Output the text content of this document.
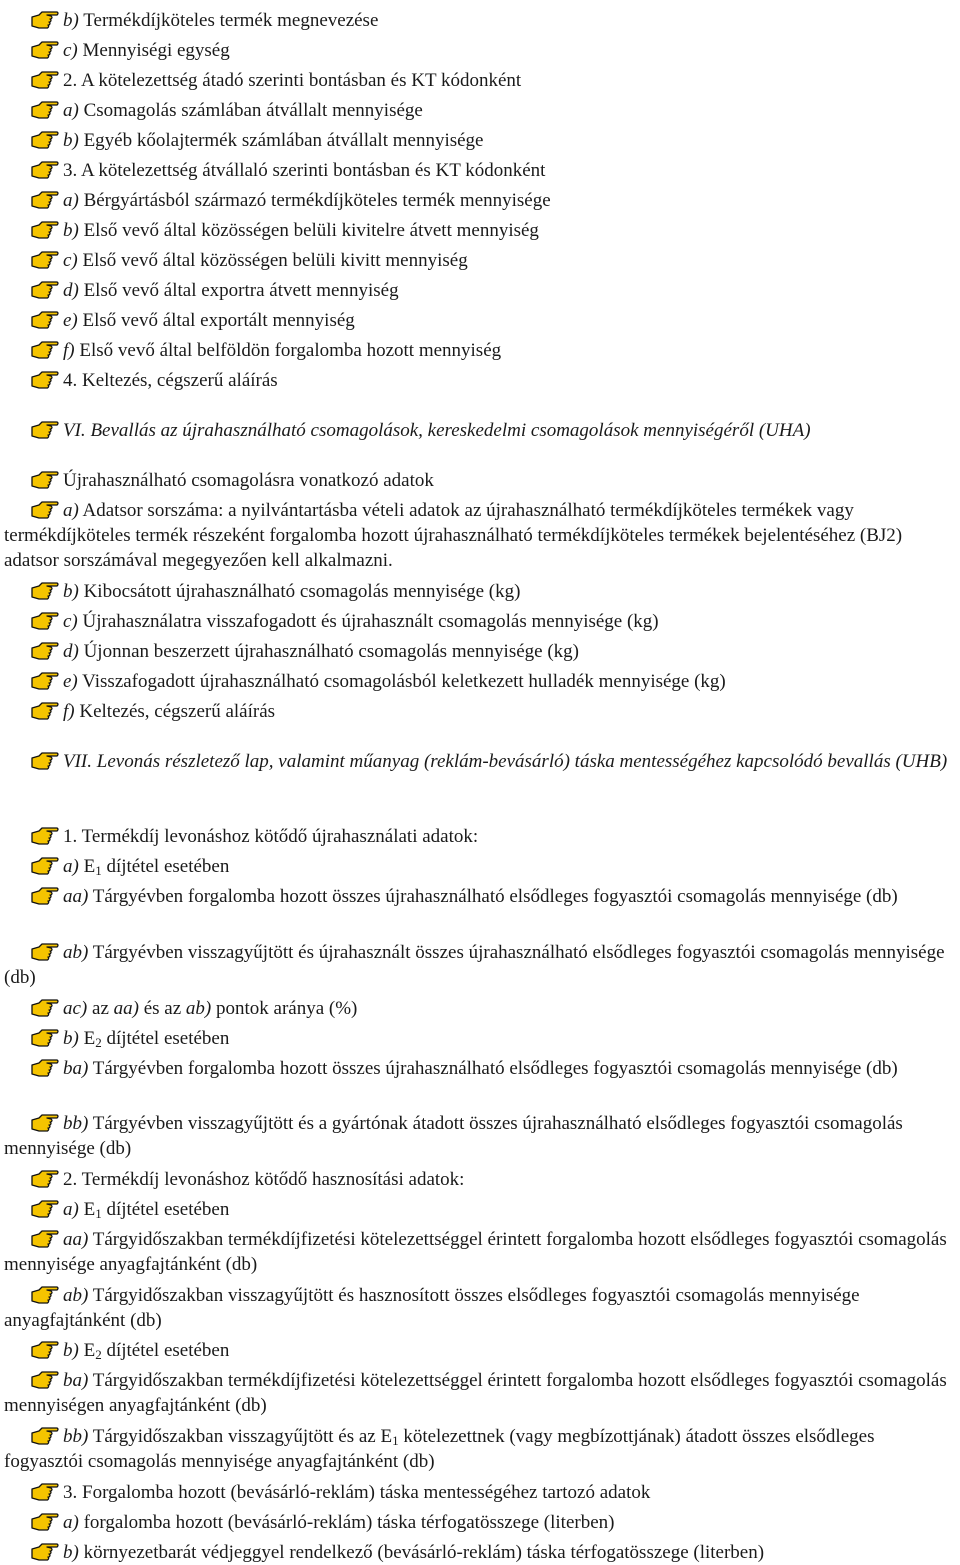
b) Termékdíjköteles termék megnevezése
c) Mennyiségi egység
2. A kötelezettség átadó szerinti bontásban és KT kódonként
a) Csomagolás számlában átvállalt mennyisége
b) Egyéb kőolajtermék számlában átvállalt mennyisége
3. A kötelezettség átvállaló szerinti bontásban és KT kódonként
a) Bérgyártásból származó termékdíjköteles termék mennyisége
b) Első vevő által közösségen belüli kivitelre átvett mennyiség
c) Első vevő által közösségen belüli kivitt mennyiség
d) Első vevő által exportra átvett mennyiség
e) Első vevő által exportált mennyiség
f) Első vevő által belföldön forgalomba hozott mennyiség
4. Keltezés, cégszerű aláírás
VI. Bevallás az újrahasználható csomagolások, kereskedelmi csomagolások mennyiségéről (UHA)
Újrahasználható csomagolásra vonatkozó adatok
a) Adatsor sorszáma: a nyilvántartásba vételi adatok az újrahasználható termékdíjköteles termékek vagy termékdíjköteles termék részeként forgalomba hozott újrahasználható termékdíjköteles termékek bejelentéséhez (BJ2) adatsor sorszámával megegyezően kell alkalmazni.
b) Kibocsátott újrahasználható csomagolás mennyisége (kg)
c) Újrahasználatra visszafogadott és újrahasznált csomagolás mennyisége (kg)
d) Újonnan beszerzett újrahasználható csomagolás mennyisége (kg)
e) Visszafogadott újrahasználható csomagolásból keletkezett hulladék mennyisége (kg)
f) Keltezés, cégszerű aláírás
VII. Levonás részletező lap, valamint műanyag (reklám-bevásárló) táska mentességéhez kapcsolódó bevallás (UHB)
1. Termékdíj levonáshoz kötődő újrahasználati adatok:
a) $E_1$ díjtétel esetében
aa) Tárgyévben forgalomba hozott összes újrahasználható elsődleges fogyasztói csomagolás mennyisége (db)
ab) Tárgyévben visszagyűjtött és újrahasznált összes újrahasználható elsődleges fogyasztói csomagolás mennyisége (db)
ac) az aa) és az ab) pontok aránya (%)
b) $E_2$ díjtétel esetében
ba) Tárgyévben forgalomba hozott összes újrahasználható elsődleges fogyasztói csomagolás mennyisége (db)
bb) Tárgyévben visszagyűjtött és a gyártónak átadott összes újrahasználható elsődleges fogyasztói csomagolás mennyisége (db)
2. Termékdíj levonáshoz kötődő hasznosítási adatok:
a) $E_1$ díjtétel esetében
aa) Tárgyidőszakban termékdíjfizetési kötelezettséggel érintett forgalomba hozott elsődleges fogyasztói csomagolás mennyisége anyagfajtánként (db)
ab) Tárgyidőszakban visszagyűjtött és hasznosított összes elsődleges fogyasztói csomagolás mennyisége anyagfajtánként (db)
b) $E_2$ díjtétel esetében
ba) Tárgyidőszakban termékdíjfizetési kötelezettséggel érintett forgalomba hozott elsődleges fogyasztói csomagolás mennyiségen anyagfajtánként (db)
bb) Tárgyidőszakban visszagyűjtött és az $E_1$ kötelezettnek (vagy megbízottjának) átadott összes elsődleges fogyasztói csomagolás mennyisége anyagfajtánként (db)
3. Forgalomba hozott (bevásárló-reklám) táska mentességéhez tartozó adatok
a) forgalomba hozott (bevásárló-reklám) táska térfogatösszege (literben)
b) környezetbarát védjeggyel rendelkező (bevásárló-reklám) táska térfogatösszege (literben)
